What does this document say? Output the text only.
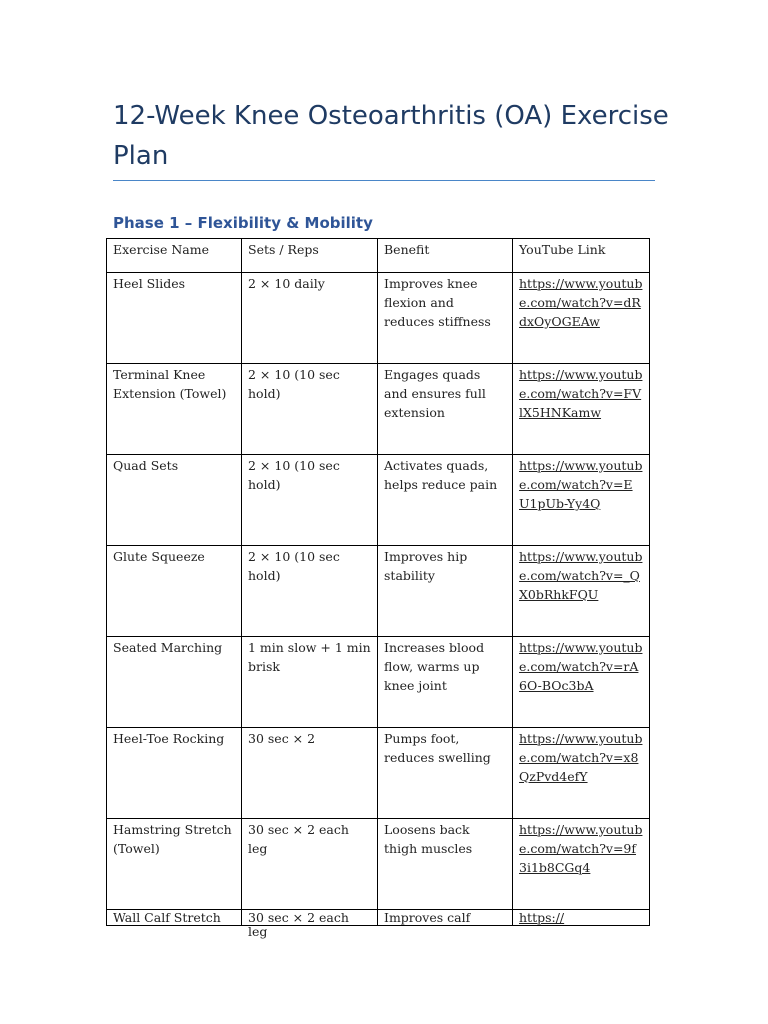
12-Week Knee Osteoarthritis (OA) Exercise Plan
Phase 1 – Flexibility & Mobility
Exercise Name	Sets / Reps	Benefit	YouTube Link
Heel Slides	2 × 10 daily	Improves knee flexion and reduces stiffness	https://www.youtube.com/watch?v=dRdxOyOGEAw
Terminal Knee Extension (Towel)	2 × 10 (10 sec hold)	Engages quads and ensures full extension	https://www.youtube.com/watch?v=FVlX5HNKamw
Quad Sets	2 × 10 (10 sec hold)	Activates quads, helps reduce pain	https://www.youtube.com/watch?v=EU1pUb-Yy4Q
Glute Squeeze	2 × 10 (10 sec hold)	Improves hip stability	https://www.youtube.com/watch?v=_QX0bRhkFQU
Seated Marching	1 min slow + 1 min brisk	Increases blood flow, warms up knee joint	https://www.youtube.com/watch?v=rA6O-BOc3bA
Heel-Toe Rocking	30 sec × 2	Pumps foot, reduces swelling	https://www.youtube.com/watch?v=x8QzPvd4efY
Hamstring Stretch (Towel)	30 sec × 2 each leg	Loosens back thigh muscles	https://www.youtube.com/watch?v=9f3i1b8CGq4

Wall Calf Stretch	30 sec × 2 each leg	Improves calf	https://
